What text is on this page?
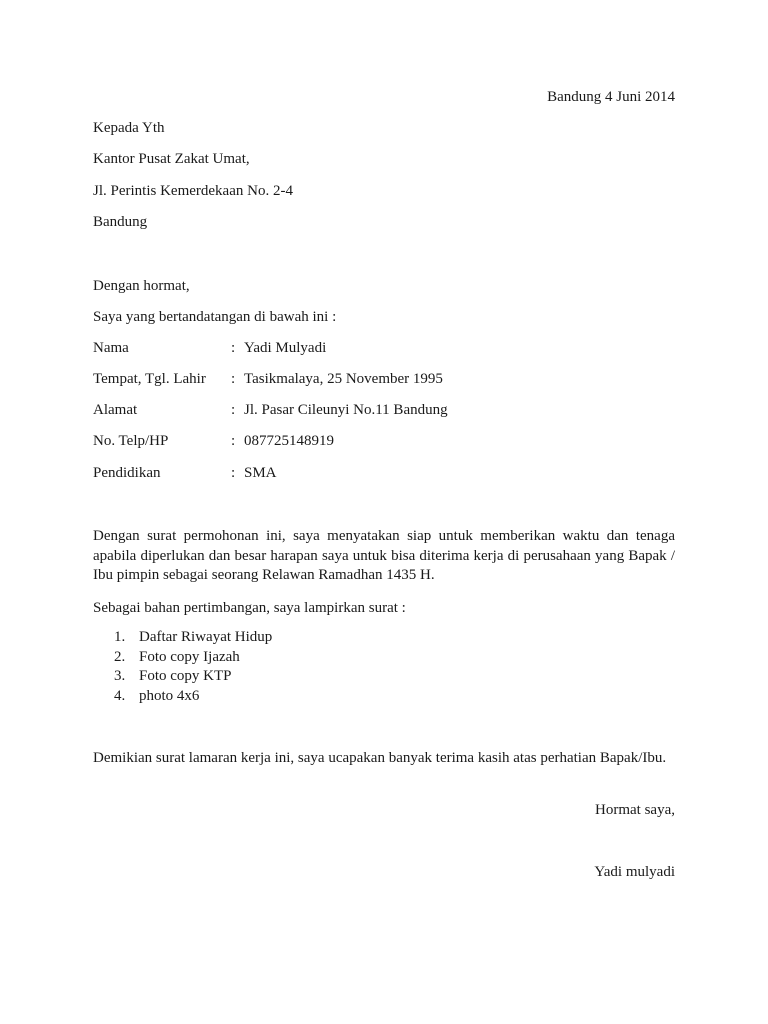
Bandung 4 Juni 2014
Kepada Yth
Kantor Pusat Zakat Umat,
Jl. Perintis Kemerdekaan No. 2-4
Bandung
Dengan hormat,
Saya yang bertandatangan di bawah ini :
Nama	: Yadi Mulyadi
Tempat, Tgl. Lahir : Tasikmalaya, 25 November 1995
Alamat	: Jl. Pasar Cileunyi No.11 Bandung
No. Telp/HP	: 087725148919
Pendidikan	: SMA
Dengan surat permohonan ini, saya menyatakan siap untuk memberikan waktu dan tenaga apabila diperlukan dan besar harapan saya untuk bisa diterima kerja di perusahaan yang Bapak / Ibu pimpin sebagai seorang Relawan Ramadhan 1435 H.
Sebagai bahan pertimbangan, saya lampirkan surat :
1. Daftar Riwayat Hidup
2. Foto copy Ijazah
3. Foto copy KTP
4. photo 4x6
Demikian surat lamaran kerja ini, saya ucapakan banyak terima kasih atas perhatian Bapak/Ibu.
Hormat saya,
Yadi mulyadi
